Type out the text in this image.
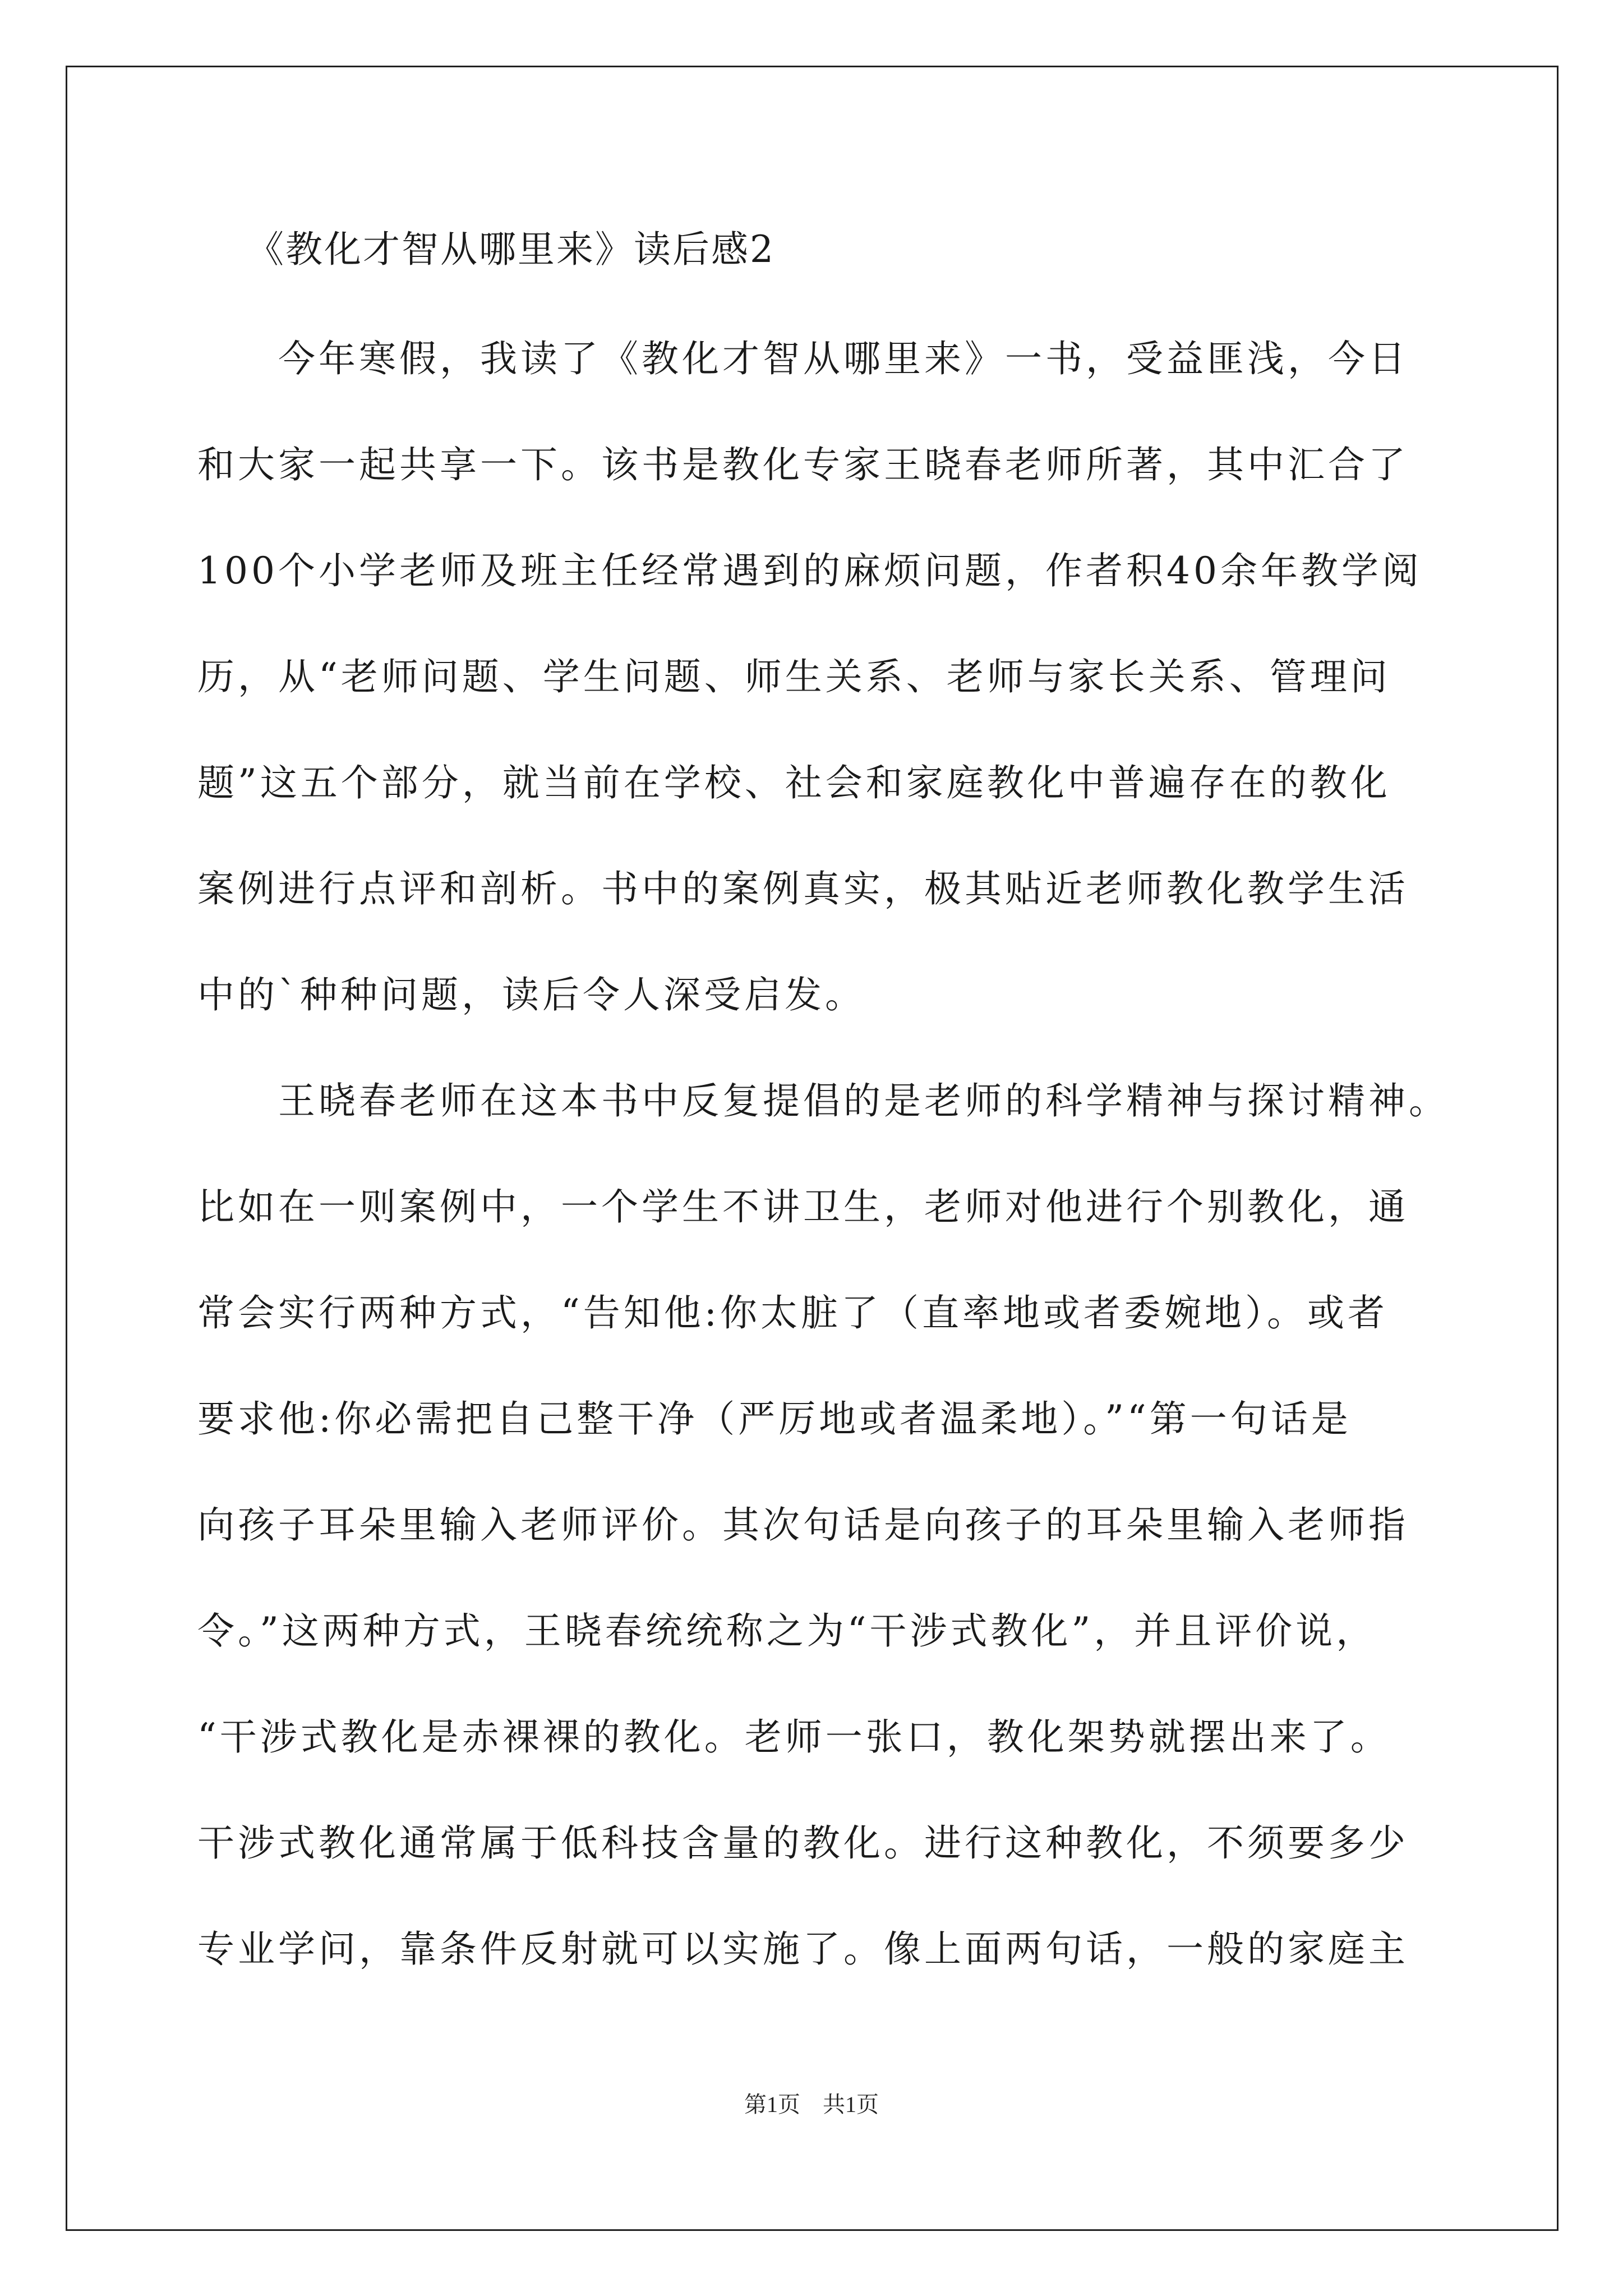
《教化才智从哪里来》读后感2
　　今年寒假，我读了《教化才智从哪里来》一书，受益匪浅，今日
和大家一起共享一下。该书是教化专家王晓春老师所著，其中汇合了
100个小学老师及班主任经常遇到的麻烦问题，作者积40余年教学阅
历，从“老师问题、学生问题、师生关系、老师与家长关系、管理问
题”这五个部分，就当前在学校、社会和家庭教化中普遍存在的教化
案例进行点评和剖析。书中的案例真实，极其贴近老师教化教学生活
中的`种种问题，读后令人深受启发。
　　王晓春老师在这本书中反复提倡的是老师的科学精神与探讨精神。
比如在一则案例中，一个学生不讲卫生，老师对他进行个别教化，通
常会实行两种方式，“告知他:你太脏了（直率地或者委婉地）。或者
要求他:你必需把自己整干净（严厉地或者温柔地）。”“第一句话是
向孩子耳朵里输入老师评价。其次句话是向孩子的耳朵里输入老师指
令。”这两种方式，王晓春统统称之为“干涉式教化”，并且评价说，
“干涉式教化是赤裸裸的教化。老师一张口，教化架势就摆出来了。
干涉式教化通常属于低科技含量的教化。进行这种教化，不须要多少
专业学问，靠条件反射就可以实施了。像上面两句话，一般的家庭主
第1页　共1页
